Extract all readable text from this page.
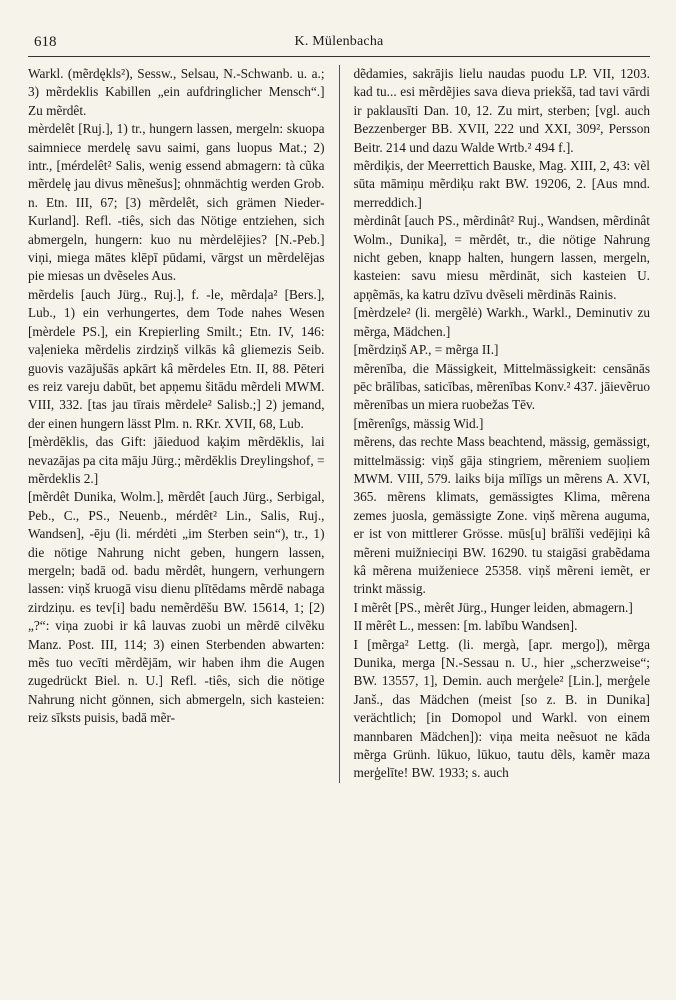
618	K. Mülenbacha

Warkl. (mẽrdękls²), Sessw., Selsau, N.-Schwanb. u. a.; 3) mẽrdeklis Kabillen „ein aufdringlicher Mensch“.] Zu mẽrdêt.

mèrdelêt [Ruj.], 1) tr., hungern lassen, mergeln: skuopa saimniece merdelę savu saimi, gans luopus Mat.; 2) intr., [mérdelêt² Salis, wenig essend abmagern: tà cũka mẽrdelę jau divus mẽnešus]; ohnmächtig werden Grob. n. Etn. III, 67; [3) mẽrdelêt, sich grämen Nieder-Kurland]. Refl. -tiês, sich das Nötige entziehen, sich abmergeln, hungern: kuo nu mèrdelējies? [N.-Peb.] viņi, miega mātes klēpī pūdami, vārgst un mẽrdelējas pie miesas un dvẽseles Aus.

mẽrdelis [auch Jürg., Ruj.], f. -le, mẽrdaļa² [Bers.], Lub., 1) ein verhungertes, dem Tode nahes Wesen [mèrdele PS.], ein Krepierling Smilt.; Etn. IV, 146: vaļenieka mẽrdelis zirdziņš vilkās kâ gliemezis Seib. guovis vazājušās apkārt kâ mẽrdeles Etn. II, 88. Pēteri es reiz vareju dabūt, bet apņemu šitādu mẽrdeli MWM. VIII, 332. [tas jau tīrais mẽrdele² Salisb.;] 2) jemand, der einen hungern lässt Plm. n. RKr. XVII, 68, Lub.

[mèrdēklis, das Gift: jāieduod kaķim mẽrdēklis, lai nevazājas pa cita māju Jürg.; mẽrdēklis Dreylingshof, = mẽrdeklis 2.]

[mẽrdêt Dunika, Wolm.], mẽrdêt [auch Jürg., Serbigal, Peb., C., PS., Neuenb., mérdêt² Lin., Salis, Ruj., Wandsen], -ēju (li. mérdėti „im Sterben sein“), tr., 1) die nötige Nahrung nicht geben, hungern lassen, mergeln; badā od. badu mẽrdêt, hungern, verhungern lassen: viņš kruogā visu dienu plītēdams mẽrdē nabaga zirdziņu. es tev[i] badu nemẽrdēšu BW. 15614, 1; [2) „?“: viņa zuobi ir kâ lauvas zuobi un mẽrdē cilvẽku Manz. Post. III, 114; 3) einen Sterbenden abwarten: mẽs tuo vecīti mẽrdẽjām, wir haben ihm die Augen zugedrückt Biel. n. U.] Refl. -tiês, sich die nötige Nahrung nicht gönnen, sich abmergeln, sich kasteien: reiz sīksts puisis, badā mẽr-

dẽdamies, sakrājis lielu naudas puodu LP. VII, 1203. kad tu... esi mẽrdẽjies sava dieva priekšā, tad tavi vārdi ir paklausīti Dan. 10, 12. Zu mirt, sterben; [vgl. auch Bezzenberger BB. XVII, 222 und XXI, 309², Persson Beitr. 214 und dazu Walde Wrtb.² 494 f.].

mẽrdiķis, der Meerrettich Bauske, Mag. XIII, 2, 43: vẽl sūta māmiņu mẽrdiķu rakt BW. 19206, 2. [Aus mnd. merreddich.]

mèrdinât [auch PS., mẽrdinât² Ruj., Wandsen, mẽrdinât Wolm., Dunika], = mẽrdêt, tr., die nötige Nahrung nicht geben, knapp halten, hungern lassen, mergeln, kasteien: savu miesu mẽrdināt, sich kasteien U. apņẽmās, ka katru dzīvu dvẽseli mẽrdinās Rainis.

[mèrdzele² (li. mergẽlė) Warkh., Warkl., Deminutiv zu mẽrga, Mädchen.]

[mẽrdziņš AP., = mẽrga II.]

mẽrenība, die Mässigkeit, Mittelmässigkeit: censānās pēc brālības, saticības, mẽrenības Konv.² 437. jāievẽruo mẽrenības un miera ruobežas Tēv.

[mẽrenîgs, mässig Wid.]

mẽrens, das rechte Mass beachtend, mässig, gemässigt, mittelmässig: viņš gāja stingriem, mẽreniem suoļiem MWM. VIII, 579. laiks bija mīlīgs un mẽrens A. XVI, 365. mẽrens klimats, gemässigtes Klima, mẽrena zemes juosla, gemässigte Zone. viņš mẽrena auguma, er ist von mittlerer Grösse. mūs[u] brālīši vedējiņi kâ mẽreni muižnieciņi BW. 16290. tu staigāsi grabẽdama kâ mẽrena muiženiece 25358. viņš mẽreni iemẽt, er trinkt mässig.

I mẽrêt [PS., mèrêt Jürg., Hunger leiden, abmagern.]

II mẽrêt L., messen: [m. labību Wandsen].

I [mẽrga² Lettg. (li. mergà, [apr. mergo]), mẽrga Dunika, merga [N.-Sessau n. U., hier „scherzweise“; BW. 13557, 1], Demin. auch merģele² [Lin.], merģele Janš., das Mädchen (meist [so z. B. in Dunika] verächtlich; [in Domopol und Warkl. von einem mannbaren Mädchen]): viņa meita neẽsuot ne kāda mẽrga Grünh. lūkuo, lūkuo, tautu dẽls, kamẽr maza merģelīte! BW. 1933; s. auch
